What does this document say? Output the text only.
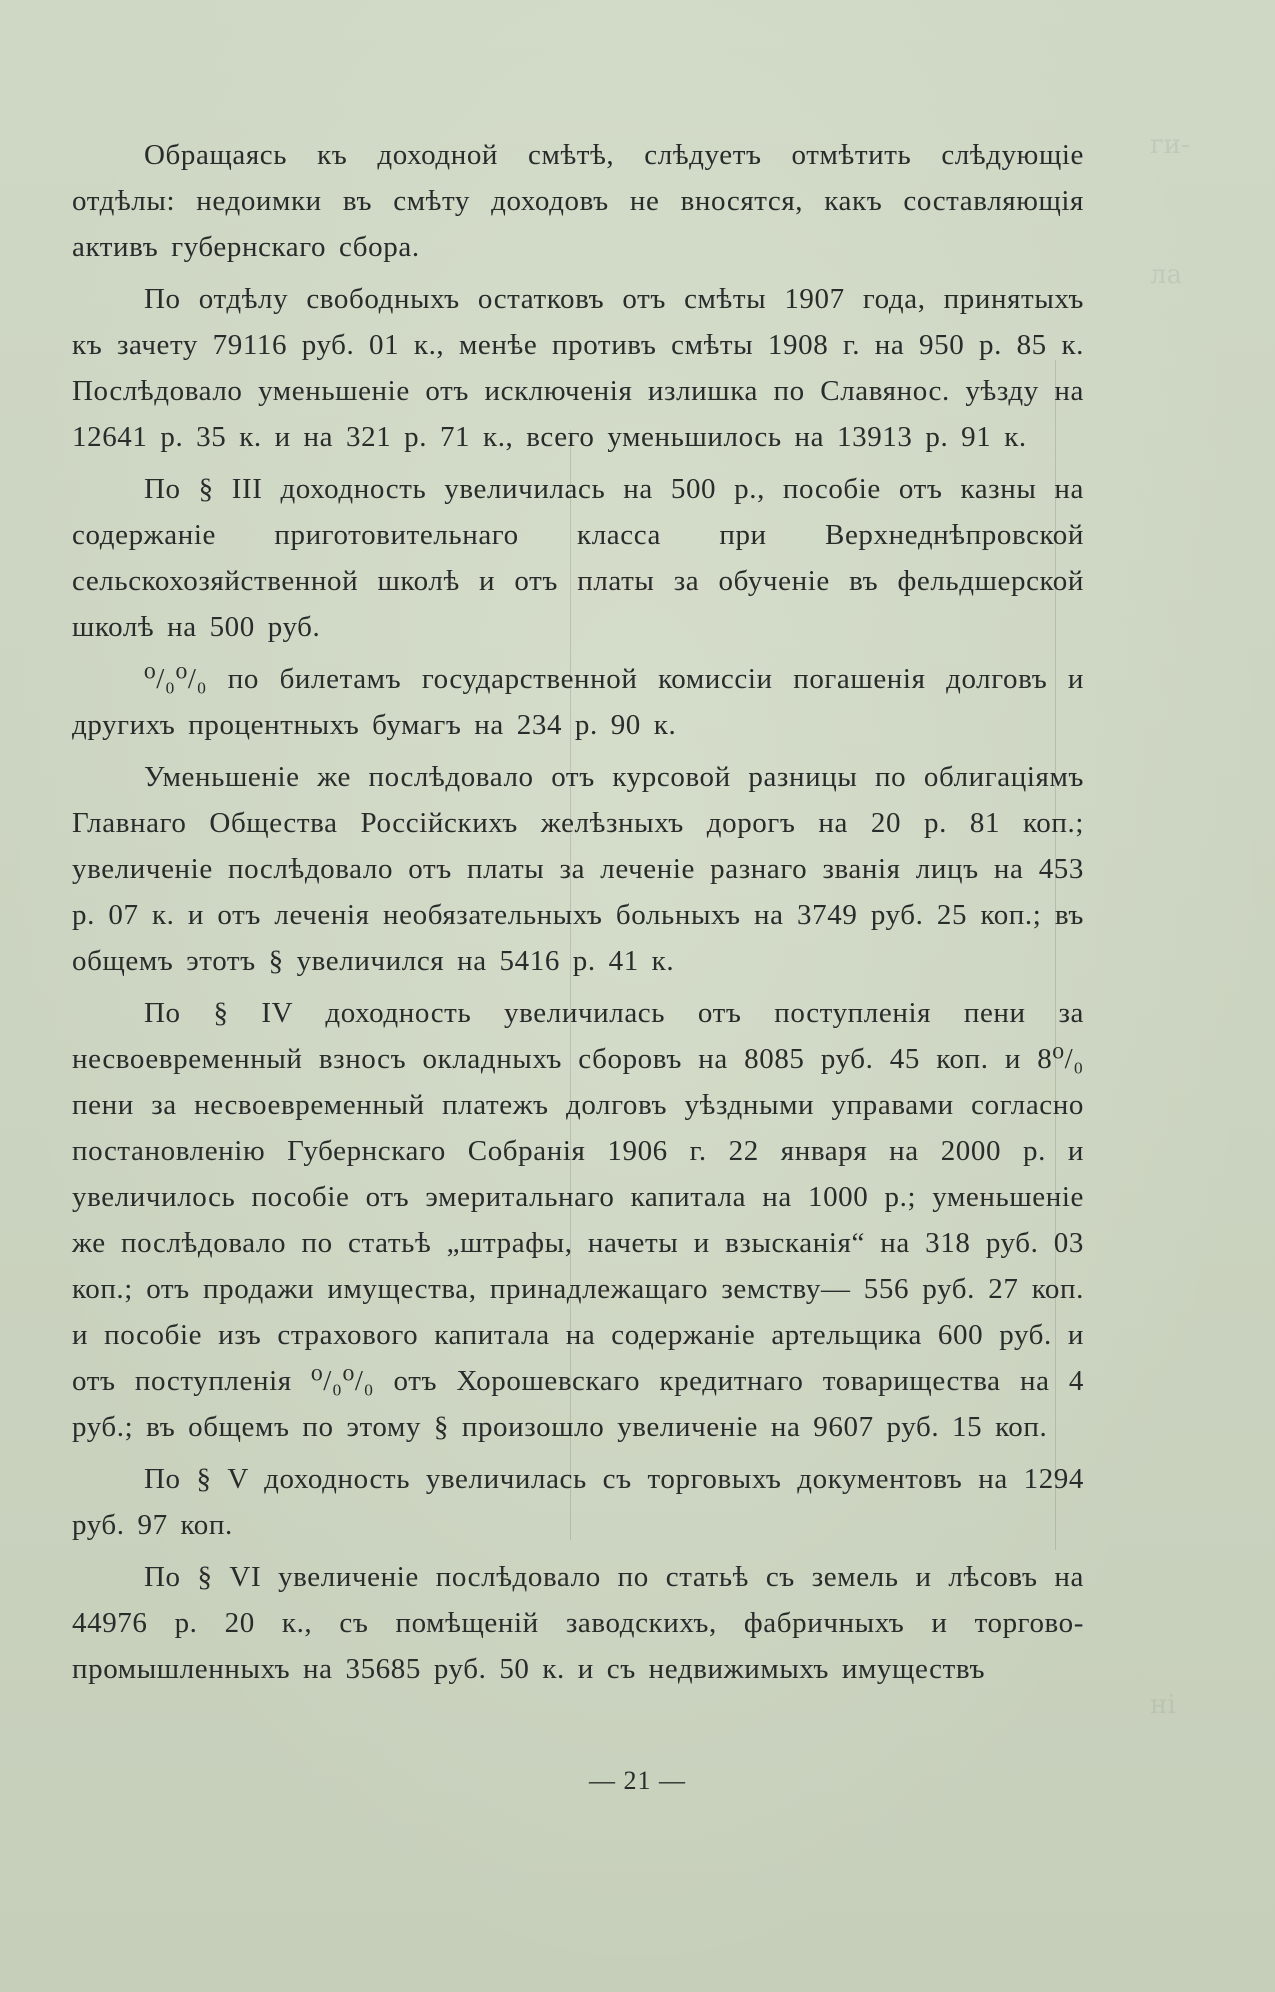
ги-
ла
ні

Обращаясь къ доходной смѣтѣ, слѣдуетъ отмѣтить слѣдующіе отдѣлы: недоимки въ смѣту доходовъ не вносятся, какъ составляющія активъ губернскаго сбора.

По отдѣлу свободныхъ остатковъ отъ смѣты 1907 года, принятыхъ къ зачету 79116 руб. 01 к., менѣе противъ смѣты 1908 г. на 950 р. 85 к. Послѣдовало уменьшеніе отъ исключенія излишка по Славянос. уѣзду на 12641 р. 35 к. и на 321 р. 71 к., всего уменьшилось на 13913 р. 91 к.

По § III доходность увеличилась на 500 р., пособіе отъ казны на содержаніе приготовительнаго класса при Верхнеднѣпровской сельскохозяйственной школѣ и отъ платы за обученіе въ фельдшерской школѣ на 500 руб.

⁰/₀⁰/₀ по билетамъ государственной комиссіи погашенія долговъ и другихъ процентныхъ бумагъ на 234 р. 90 к.

Уменьшеніе же послѣдовало отъ курсовой разницы по облигаціямъ Главнаго Общества Россійскихъ желѣзныхъ дорогъ на 20 р. 81 коп.; увеличеніе послѣдовало отъ платы за леченіе разнаго званія лицъ на 453 р. 07 к. и отъ леченія необязательныхъ больныхъ на 3749 руб. 25 коп.; въ общемъ этотъ § увеличился на 5416 р. 41 к.

По § IV доходность увеличилась отъ поступленія пени за несвоевременный взносъ окладныхъ сборовъ на 8085 руб. 45 коп. и 8⁰/₀ пени за несвоевременный платежъ долговъ уѣздными управами согласно постановленію Губернскаго Собранія 1906 г. 22 января на 2000 р. и увеличилось пособіе отъ эмеритальнаго капитала на 1000 р.; уменьшеніе же послѣдовало по статьѣ „штрафы, начеты и взысканія“ на 318 руб. 03 коп.; отъ продажи имущества, принадлежащаго земству— 556 руб. 27 коп. и пособіе изъ страхового капитала на содержаніе артельщика 600 руб. и отъ поступленія ⁰/₀⁰/₀ отъ Хорошевскаго кредитнаго товарищества на 4 руб.; въ общемъ по этому § произошло увеличеніе на 9607 руб. 15 коп.

По § V доходность увеличилась съ торговыхъ документовъ на 1294 руб. 97 коп.

По § VI увеличеніе послѣдовало по статьѣ съ земель и лѣсовъ на 44976 р. 20 к., съ помѣщеній заводскихъ, фабричныхъ и торгово-промышленныхъ на 35685 руб. 50 к. и съ недвижимыхъ имуществъ

— 21 —
